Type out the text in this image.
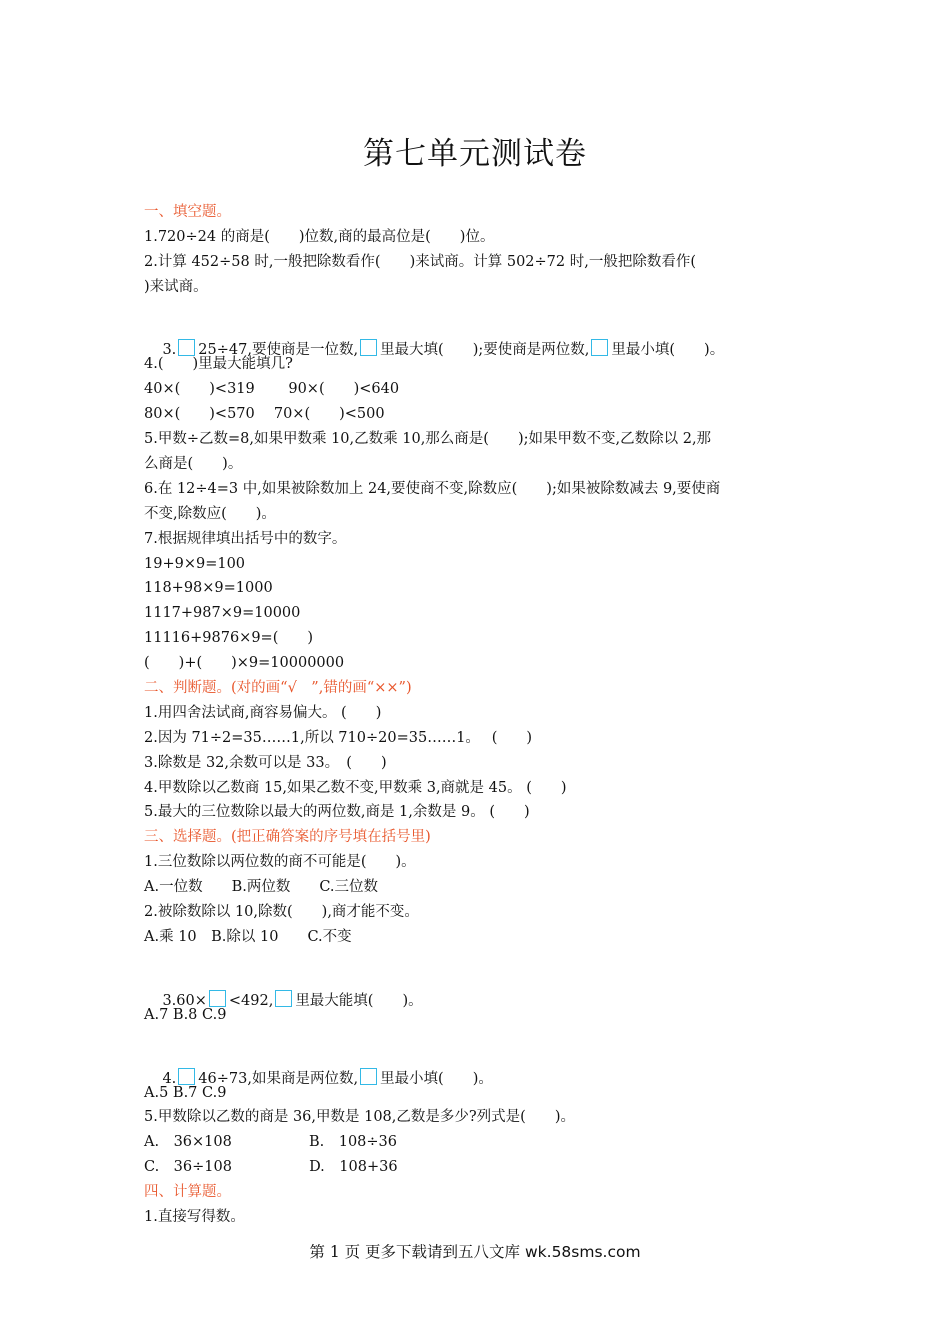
第七单元测试卷
一、填空题。
1.720÷24 的商是(　　)位数,商的最高位是(　　)位。
2.计算 452÷58 时,一般把除数看作(　　)来试商。计算 502÷72 时,一般把除数看作(
)来试商。

3. 25÷47,要使商是一位数, 里最大填(　　);要使商是两位数, 里最小填(　　)。

4.(　　)里最大能填几?
40×(　　)<319　　 90×(　　)<640
80×(　　)<570　 70×(　　)<500
5.甲数÷乙数=8,如果甲数乘 10,乙数乘 10,那么商是(　　);如果甲数不变,乙数除以 2,那
么商是(　　)。
6.在 12÷4=3 中,如果被除数加上 24,要使商不变,除数应(　　);如果被除数减去 9,要使商
不变,除数应(　　)。
7.根据规律填出括号中的数字。
19+9×9=100
118+98×9=1000
1117+987×9=10000
11116+9876×9=(　　)
(　　)+(　　)×9=10000000
二、判断题。(对的画“√　”,错的画“××”)
1.用四舍法试商,商容易偏大。 (　　)
2.因为 71÷2=35……1,所以 710÷20=35……1。　 (　　)
3.除数是 32,余数可以是 33。　(　　)
4.甲数除以乙数商 15,如果乙数不变,甲数乘 3,商就是 45。 (　　)
5.最大的三位数除以最大的两位数,商是 1,余数是 9。 (　　)
三、选择题。(把正确答案的序号填在括号里)
1.三位数除以两位数的商不可能是(　　)。
A.一位数　　B.两位数　　C.三位数
2.被除数除以 10,除数(　　),商才能不变。
A.乘 10　B.除以 10　　C.不变

3.60× <492, 里最大能填(　　)。

A.7 B.8 C.9

4. 46÷73,如果商是两位数, 里最小填(　　)。

A.5 B.7 C.9
5.甲数除以乙数的商是 36,甲数是 108,乙数是多少?列式是(　　)。
A.　36×108　　　　　 B.　108÷36
C.　36÷108　　　　　 D.　108+36
四、计算题。
1.直接写得数。
第 1 页 更多下载请到五八文库 wk.58sms.com
